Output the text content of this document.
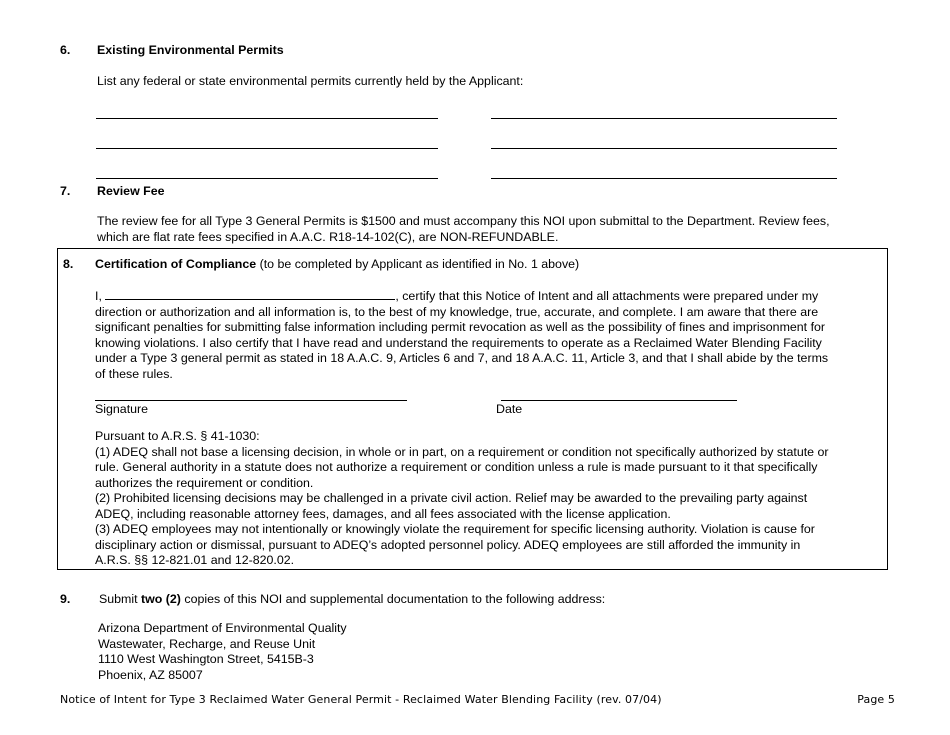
6. Existing Environmental Permits
List any federal or state environmental permits currently held by the Applicant:
7. Review Fee
The review fee for all Type 3 General Permits is $1500 and must accompany this NOI upon submittal to the Department. Review fees,
which are flat rate fees specified in A.A.C. R18-14-102(C), are NON-REFUNDABLE.
8. Certification of Compliance (to be completed by Applicant as identified in No. 1 above)
I,	, certify that this Notice of Intent and all attachments were prepared under my
direction or authorization and all information is, to the best of my knowledge, true, accurate, and complete. I am aware that there are
significant penalties for submitting false information including permit revocation as well as the possibility of fines and imprisonment for
knowing violations. I also certify that I have read and understand the requirements to operate as a Reclaimed Water Blending Facility
under a Type 3 general permit as stated in 18 A.A.C. 9, Articles 6 and 7, and 18 A.A.C. 11, Article 3, and that I shall abide by the terms
of these rules.
Signature	Date
Pursuant to A.R.S. § 41-1030:
(1) ADEQ shall not base a licensing decision, in whole or in part, on a requirement or condition not specifically authorized by statute or
rule. General authority in a statute does not authorize a requirement or condition unless a rule is made pursuant to it that specifically
authorizes the requirement or condition.
(2) Prohibited licensing decisions may be challenged in a private civil action. Relief may be awarded to the prevailing party against
ADEQ, including reasonable attorney fees, damages, and all fees associated with the license application.
(3) ADEQ employees may not intentionally or knowingly violate the requirement for specific licensing authority. Violation is cause for
disciplinary action or dismissal, pursuant to ADEQ’s adopted personnel policy. ADEQ employees are still afforded the immunity in
A.R.S. §§ 12-821.01 and 12-820.02.
9. Submit two (2) copies of this NOI and supplemental documentation to the following address:
Arizona Department of Environmental Quality
Wastewater, Recharge, and Reuse Unit
1110 West Washington Street, 5415B-3
Phoenix, AZ 85007
Notice of Intent for Type 3 Reclaimed Water General Permit - Reclaimed Water Blending Facility (rev. 07/04)	Page 5
